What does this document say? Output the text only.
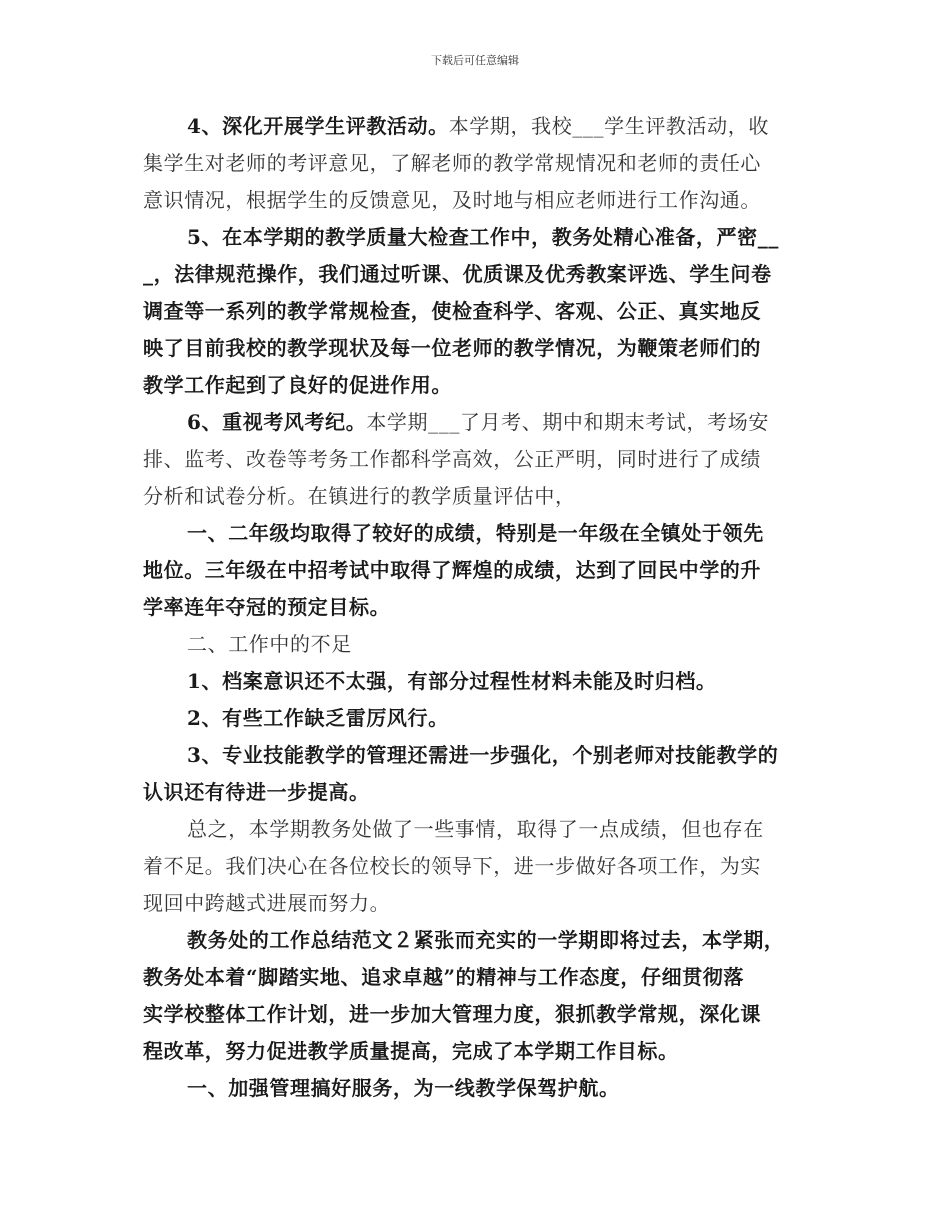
下载后可任意编辑
4、深化开展学生评教活动。本学期，我校___学生评教活动，收
集学生对老师的考评意见，了解老师的教学常规情况和老师的责任心
意识情况，根据学生的反馈意见，及时地与相应老师进行工作沟通。
5、在本学期的教学质量大检查工作中，教务处精心准备，严密__
_，法律规范操作，我们通过听课、优质课及优秀教案评选、学生问卷
调查等一系列的教学常规检查，使检查科学、客观、公正、真实地反
映了目前我校的教学现状及每一位老师的教学情况，为鞭策老师们的
教学工作起到了良好的促进作用。
6、重视考风考纪。本学期___了月考、期中和期末考试，考场安
排、监考、改卷等考务工作都科学高效，公正严明，同时进行了成绩
分析和试卷分析。在镇进行的教学质量评估中，
一、二年级均取得了较好的成绩，特别是一年级在全镇处于领先
地位。三年级在中招考试中取得了辉煌的成绩，达到了回民中学的升
学率连年夺冠的预定目标。
二、工作中的不足
1、档案意识还不太强，有部分过程性材料未能及时归档。
2、有些工作缺乏雷厉风行。
3、专业技能教学的管理还需进一步强化，个别老师对技能教学的
认识还有待进一步提高。
总之，本学期教务处做了一些事情，取得了一点成绩，但也存在
着不足。我们决心在各位校长的领导下，进一步做好各项工作，为实
现回中跨越式进展而努力。
教务处的工作总结范文２紧张而充实的一学期即将过去，本学期，
教务处本着“脚踏实地、追求卓越”的精神与工作态度，仔细贯彻落
实学校整体工作计划，进一步加大管理力度，狠抓教学常规，深化课
程改革，努力促进教学质量提高，完成了本学期工作目标。
一、加强管理搞好服务，为一线教学保驾护航。
